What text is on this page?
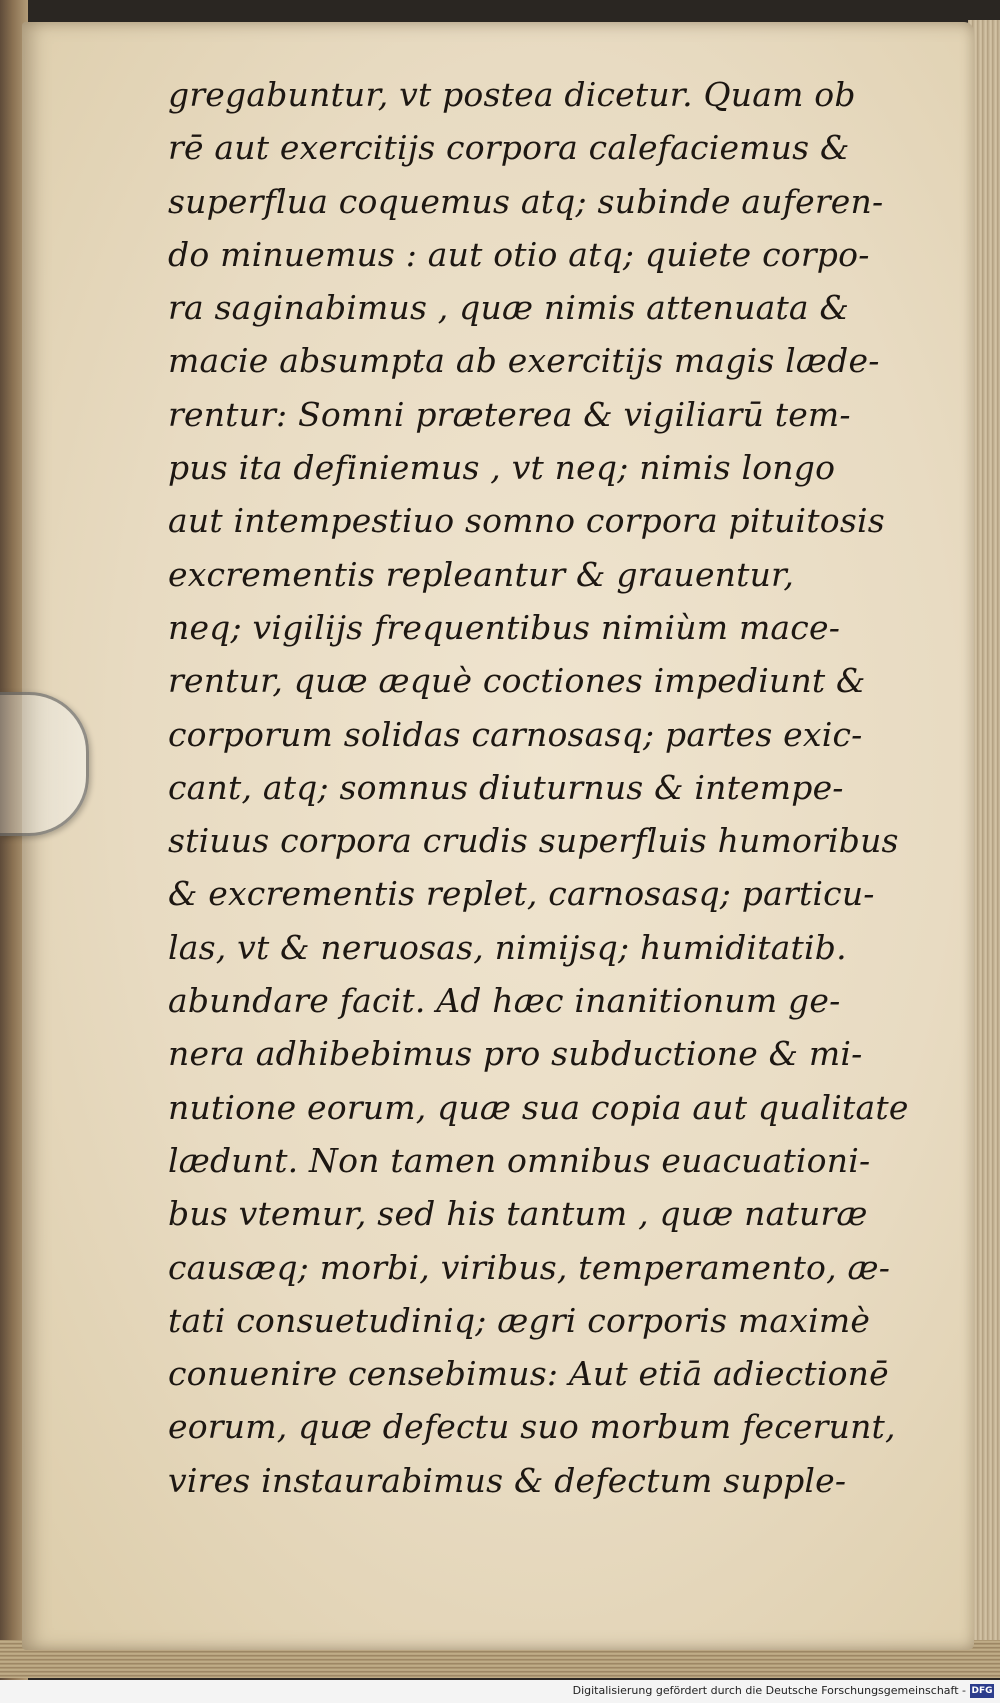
gregabuntur, vt postea dicetur. Quam ob
rē aut exercitijs corpora calefaciemus &
superflua coquemus atq; subinde auferen-
do minuemus : aut otio atq; quiete corpo-
ra saginabimus , quæ nimis attenuata &
macie absumpta ab exercitijs magis læde-
rentur: Somni præterea & vigiliarū tem-
pus ita definiemus , vt neq; nimis longo
aut intempestiuo somno corpora pituitosis
excrementis repleantur & grauentur,
neq; vigilijs frequentibus nimiùm mace-
rentur, quæ æquè coctiones impediunt &
corporum solidas carnosasq; partes exic-
cant, atq; somnus diuturnus & intempe-
stiuus corpora crudis superfluis humoribus
& excrementis replet, carnosasq; particu-
las, vt & neruosas, nimijsq; humiditatib.
abundare facit. Ad hæc inanitionum ge-
nera adhibebimus pro subductione & mi-
nutione eorum, quæ sua copia aut qualitate
lædunt. Non tamen omnibus euacuationi-
bus vtemur, sed his tantum , quæ naturæ
causæq; morbi, viribus, temperamento, æ-
tati consuetudiniq; ægri corporis maximè
conuenire censebimus: Aut etiā adiectionē
eorum, quæ defectu suo morbum fecerunt,
vires instaurabimus & defectum supple-
Digitalisierung gefördert durch die Deutsche Forschungsgemeinschaft - DFG
